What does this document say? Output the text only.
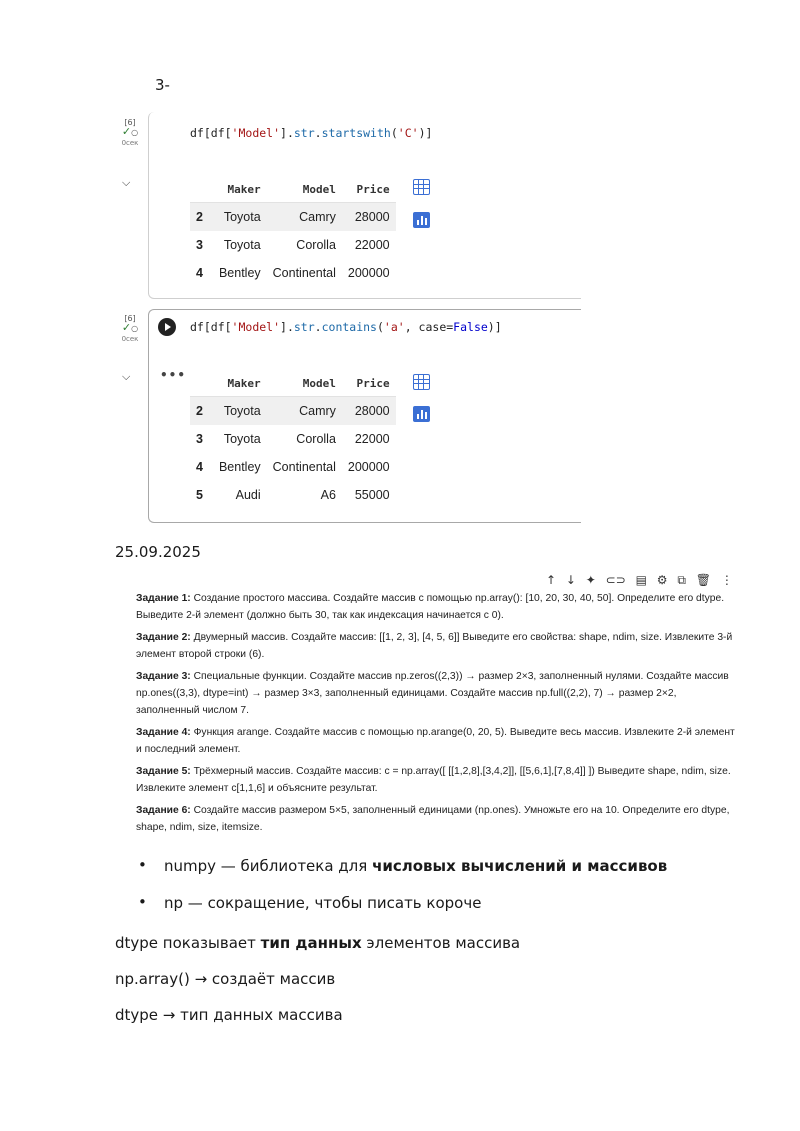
3-
[6]
✓○
0сек
⌵
df[df['Model'].str.startswith('C')]
	Maker	Model	Price
2	Toyota	Camry	28000
3	Toyota	Corolla	22000
4	Bentley	Continental	200000
[6]
✓○
0сек
⌵
df[df['Model'].str.contains('a', case=False)]
•••
	Maker	Model	Price
2	Toyota	Camry	28000
3	Toyota	Corolla	22000
4	Bentley	Continental	200000
5	Audi	A6	55000
25.09.2025
↑ ↓ ✦ ⊂⊃ ▤ ⚙ ⧉ 🗑 ⋮
Задание 1: Создание простого массива. Создайте массив с помощью np.array(): [10, 20, 30, 40, 50]. Определите его dtype. Выведите 2-й элемент (должно быть 30, так как индексация начинается с 0).
Задание 2: Двумерный массив. Создайте массив: [[1, 2, 3], [4, 5, 6]] Выведите его свойства: shape, ndim, size. Извлеките 3-й элемент второй строки (6).
Задание 3: Специальные функции. Создайте массив np.zeros((2,3)) → размер 2×3, заполненный нулями. Создайте массив np.ones((3,3), dtype=int) → размер 3×3, заполненный единицами. Создайте массив np.full((2,2), 7) → размер 2×2, заполненный числом 7.
Задание 4: Функция arange. Создайте массив с помощью np.arange(0, 20, 5). Выведите весь массив. Извлеките 2-й элемент и последний элемент.
Задание 5: Трёхмерный массив. Создайте массив: c = np.array([ [[1,2,8],[3,4,2]], [[5,6,1],[7,8,4]] ]) Выведите shape, ndim, size. Извлеките элемент c[1,1,6] и объясните результат.
Задание 6: Создайте массив размером 5×5, заполненный единицами (np.ones). Умножьте его на 10. Определите его dtype, shape, ndim, size, itemsize.
• numpy — библиотека для числовых вычислений и массивов
• np — сокращение, чтобы писать короче
dtype показывает тип данных элементов массива
np.array() → создаёт массив
dtype → тип данных массива
